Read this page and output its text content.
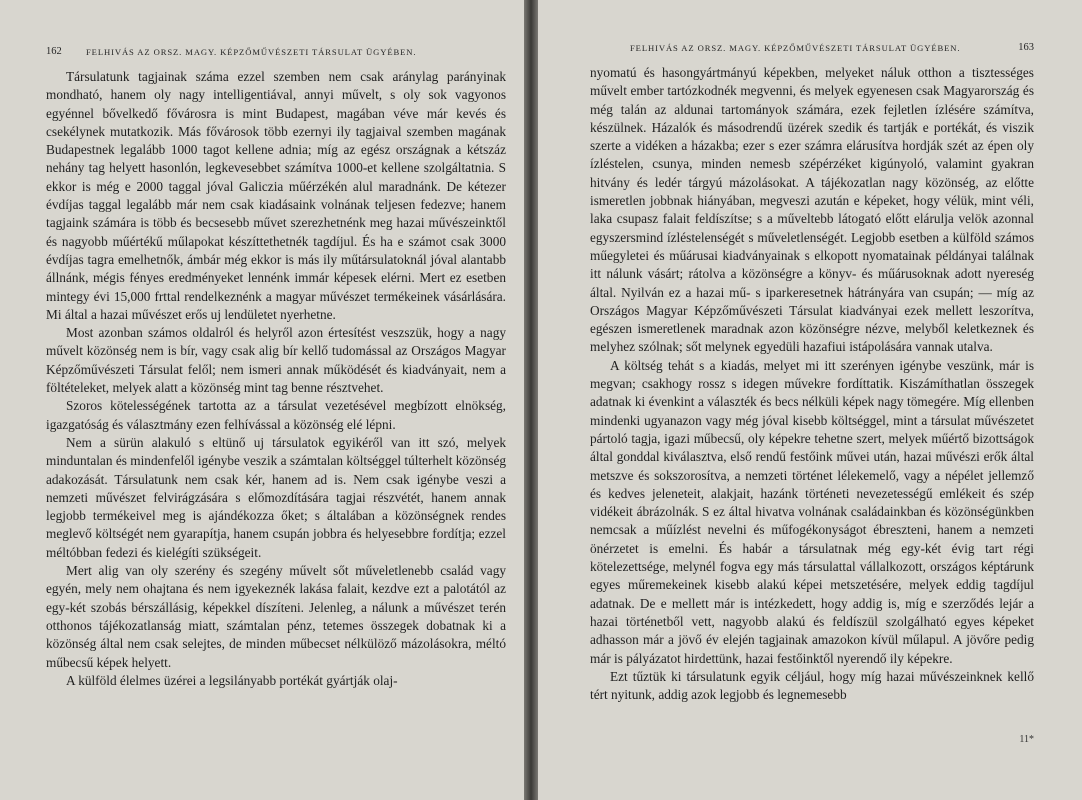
162	FELHIVÁS AZ ORSZ. MAGY. KÉPZŐMŰVÉSZETI TÁRSULAT ÜGYÉBEN.

Társulatunk tagjainak száma ezzel szemben nem csak aránylag parányinak mondható, hanem oly nagy intelligentiával, annyi művelt, s oly sok vagyonos egyénnel bővelkedő fővárosra is mint Budapest, magában véve már kevés és csekélynek mutatkozik. Más fővárosok több ezernyi ily tagjaival szemben magának Budapestnek legalább 1000 tagot kellene adnia; míg az egész országnak a kétszáz nehány tag helyett hasonlón, legkevesebbet számítva 1000-et kellene szolgáltatnia. S ekkor is még e 2000 taggal jóval Galiczia műérzékén alul maradnánk. De kétezer évdíjas taggal legalább már nem csak kiadásaink volnának teljesen fedezve; hanem tagjaink számára is több és becsesebb művet szerezhetnénk meg hazai művészeinktől és nagyobb műértékű műlapokat készíttethetnék tagdíjul. És ha e számot csak 3000 évdíjas tagra emelhetnők, ámbár még ekkor is más ily műtársulatoknál jóval alantabb állnánk, mégis fényes eredményeket lennénk immár képesek elérni. Mert ez esetben mintegy évi 15,000 frttal rendelkeznénk a magyar művészet termékeinek vásárlására. Mi által a hazai művészet erős uj lendületet nyerhetne.

Most azonban számos oldalról és helyről azon értesítést veszszük, hogy a nagy művelt közönség nem is bír, vagy csak alig bír kellő tudomással az Országos Magyar Képzőművészeti Társulat felől; nem ismeri annak működését és kiadványait, nem a föltételeket, melyek alatt a közönség mint tag benne résztvehet.

Szoros kötelességének tartotta az a társulat vezetésével megbízott elnökség, igazgatóság és választmány ezen felhívással a közönség elé lépni.

Nem a sürün alakuló s eltünő uj társulatok egyikéről van itt szó, melyek minduntalan és mindenfelől igénybe veszik a számtalan költséggel túlterhelt közönség adakozását. Társulatunk nem csak kér, hanem ad is. Nem csak igénybe veszi a nemzeti művészet felvirágzására s előmozdítására tagjai részvétét, hanem annak legjobb termékeivel meg is ajándékozza őket; s általában a közönségnek rendes meglevő költségét nem gyarapítja, hanem csupán jobbra és helyesebbre fordítja; ezzel méltóbban fedezi és kielégíti szükségeit.

Mert alig van oly szerény és szegény művelt sőt műveletlenebb család vagy egyén, mely nem ohajtana és nem igyekeznék lakása falait, kezdve ezt a palotától az egy-két szobás bérszállásig, képekkel díszíteni. Jelenleg, a nálunk a művészet terén otthonos tájékozatlanság miatt, számtalan pénz, tetemes összegek dobatnak ki a közönség által nem csak selejtes, de minden műbecset nélkülöző mázolásokra, méltó műbecsű képek helyett.

A külföld élelmes üzérei a legsilányabb portékát gyártják olaj-

FELHIVÁS AZ ORSZ. MAGY. KÉPZŐMŰVÉSZETI TÁRSULAT ÜGYÉBEN.	163

nyomatú és hasongyártmányú képekben, melyeket náluk otthon a tisztességes művelt ember tartózkodnék megvenni, és melyek egyenesen csak Magyarország és még talán az aldunai tartományok számára, ezek fejletlen ízlésére számítva, készülnek. Házalók és másodrendű üzérek szedik és tartják e portékát, és viszik szerte a vidéken a házakba; ezer s ezer számra elárusítva hordják szét az épen oly ízléstelen, csunya, minden nemesb szépérzéket kigúnyoló, valamint gyakran hitvány és ledér tárgyú mázolásokat. A tájékozatlan nagy közönség, az előtte ismeretlen jobbnak hiányában, megveszi azután e képeket, hogy vélük, mint véli, laka csupasz falait feldíszítse; s a műveltebb látogató előtt elárulja velök azonnal egyszersmind ízléstelenségét s műveletlenségét. Legjobb esetben a külföld számos műegyletei és műárusai kiadványainak s elkopott nyomatainak példányai találnak itt nálunk vásárt; rátolva a közönségre a könyv- és műárusoknak adott nyereség által. Nyilván ez a hazai mű- s iparkeresetnek hátrányára van csupán; — míg az Országos Magyar Képzőművészeti Társulat kiadványai ezek mellett leszorítva, egészen ismeretlenek maradnak azon közönségre nézve, melyből keletkeznek és melyhez szólnak; sőt melynek egyedüli hazafiui istápolására vannak utalva.

A költség tehát s a kiadás, melyet mi itt szerényen igénybe veszünk, már is megvan; csakhogy rossz s idegen művekre fordíttatik. Kiszámíthatlan összegek adatnak ki évenkint a választék és becs nélküli képek nagy tömegére. Míg ellenben mindenki ugyanazon vagy még jóval kisebb költséggel, mint a társulat művészetet pártoló tagja, igazi műbecsű, oly képekre tehetne szert, melyek műértő bizottságok által gonddal kiválasztva, első rendű festőink művei után, hazai művészi erők által metszve és sokszorosítva, a nemzeti történet lélekemelő, vagy a népélet jellemző és kedves jeleneteit, alakjait, hazánk történeti nevezetességű emlékeit és szép vidékeit ábrázolnák. S ez által hivatva volnának családainkban és közönségünkben nemcsak a műízlést nevelni és műfogékonyságot ébreszteni, hanem a nemzeti önérzetet is emelni. És habár a társulatnak még egy-két évig tart régi kötelezettsége, melynél fogva egy más társulattal vállalkozott, országos képtárunk egyes műremekeinek kisebb alakú képei metszetésére, melyek eddig tagdíjul adatnak. De e mellett már is intézkedett, hogy addig is, míg e szerződés lejár a hazai történetből vett, nagyobb alakú és feldíszül szolgálható egyes képeket adhasson már a jövő év elején tagjainak amazokon kívül műlapul. A jövőre pedig már is pályázatot hirdettünk, hazai festőinktől nyerendő ily képekre.

Ezt tűztük ki társulatunk egyik céljául, hogy míg hazai művészeinknek kellő tért nyitunk, addig azok legjobb és legnemesebb

11*
